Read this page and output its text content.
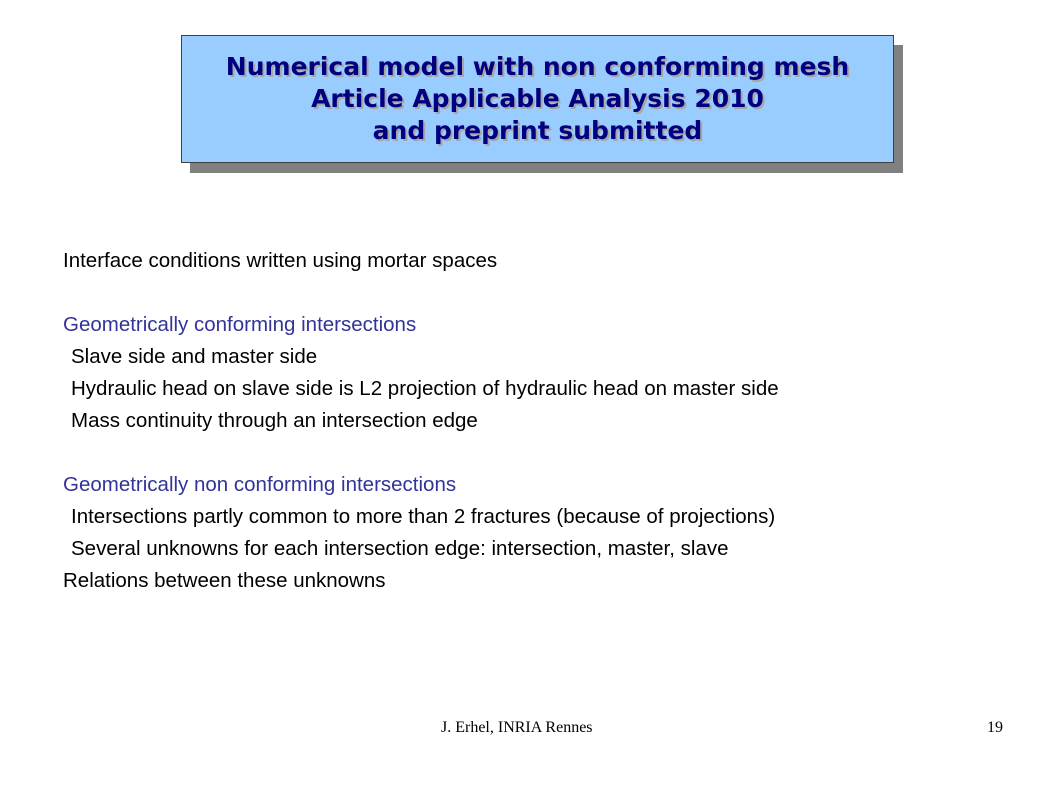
Numerical model with non conforming mesh
Article Applicable Analysis 2010
and preprint submitted
Interface conditions written using mortar spaces
Geometrically conforming intersections
Slave side and master side
Hydraulic head on slave side is L2 projection of hydraulic head on master side
Mass continuity through an intersection edge
Geometrically non conforming intersections
Intersections partly common to more than 2 fractures (because of projections)
Several unknowns for each intersection edge: intersection, master, slave
Relations between these unknowns
J. Erhel, INRIA Rennes	19
